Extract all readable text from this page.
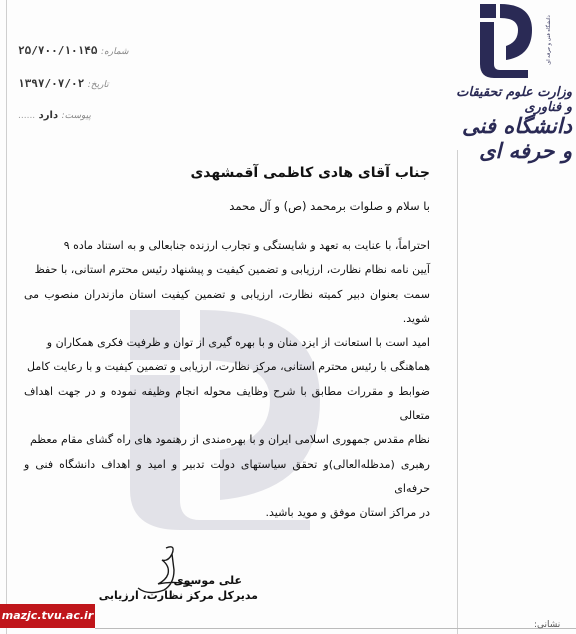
شماره: ۲۵/۷۰۰/۱۰۱۴۵
تاریخ: ۱۳۹۷/۰۷/۰۲
پیوست: دارد ......
دانشگاه فنی و حرفه ای
وزارت علوم تحقیقات و فناوری
دانشگاه فنی و حرفه ای
جناب آقای هادی کاظمی آقمشهدی
با سلام و صلوات برمحمد (ص) و آل محمد

احتراماً، با عنایت به تعهد و شایستگی و تجارب ارزنده جنابعالی و به استناد ماده ۹

آیین نامه نظام نظارت، ارزیابی و تضمین کیفیت و پیشنهاد رئیس محترم استانی، با حفظ

سمت بعنوان دبیر کمیته نظارت، ارزیابی و تضمین کیفیت استان مازندران منصوب می شوید.

امید است با استعانت از ایزد منان و با بهره گیری از توان و ظرفیت فکری همکاران و

هماهنگی با رئیس محترم استانی، مرکز نظارت، ارزیابی و تضمین کیفیت و با رعایت کامل

ضوابط و مقررات مطابق با شرح وظایف محوله انجام وظیفه نموده و در جهت اهداف متعالی

نظام مقدس جمهوری اسلامی ایران و با بهره‌مندی از رهنمود های راه گشای مقام معظم

رهبری (مدظله‌العالی)و تحقق سیاستهای دولت تدبیر و امید و اهداف دانشگاه فنی و حرفه‌ای

در مراکز استان موفق و موید باشید.

علی موسوی
مدیرکل مرکز نظارت، ارزیابی
mazjc.tvu.ac.ir
نشانی:
